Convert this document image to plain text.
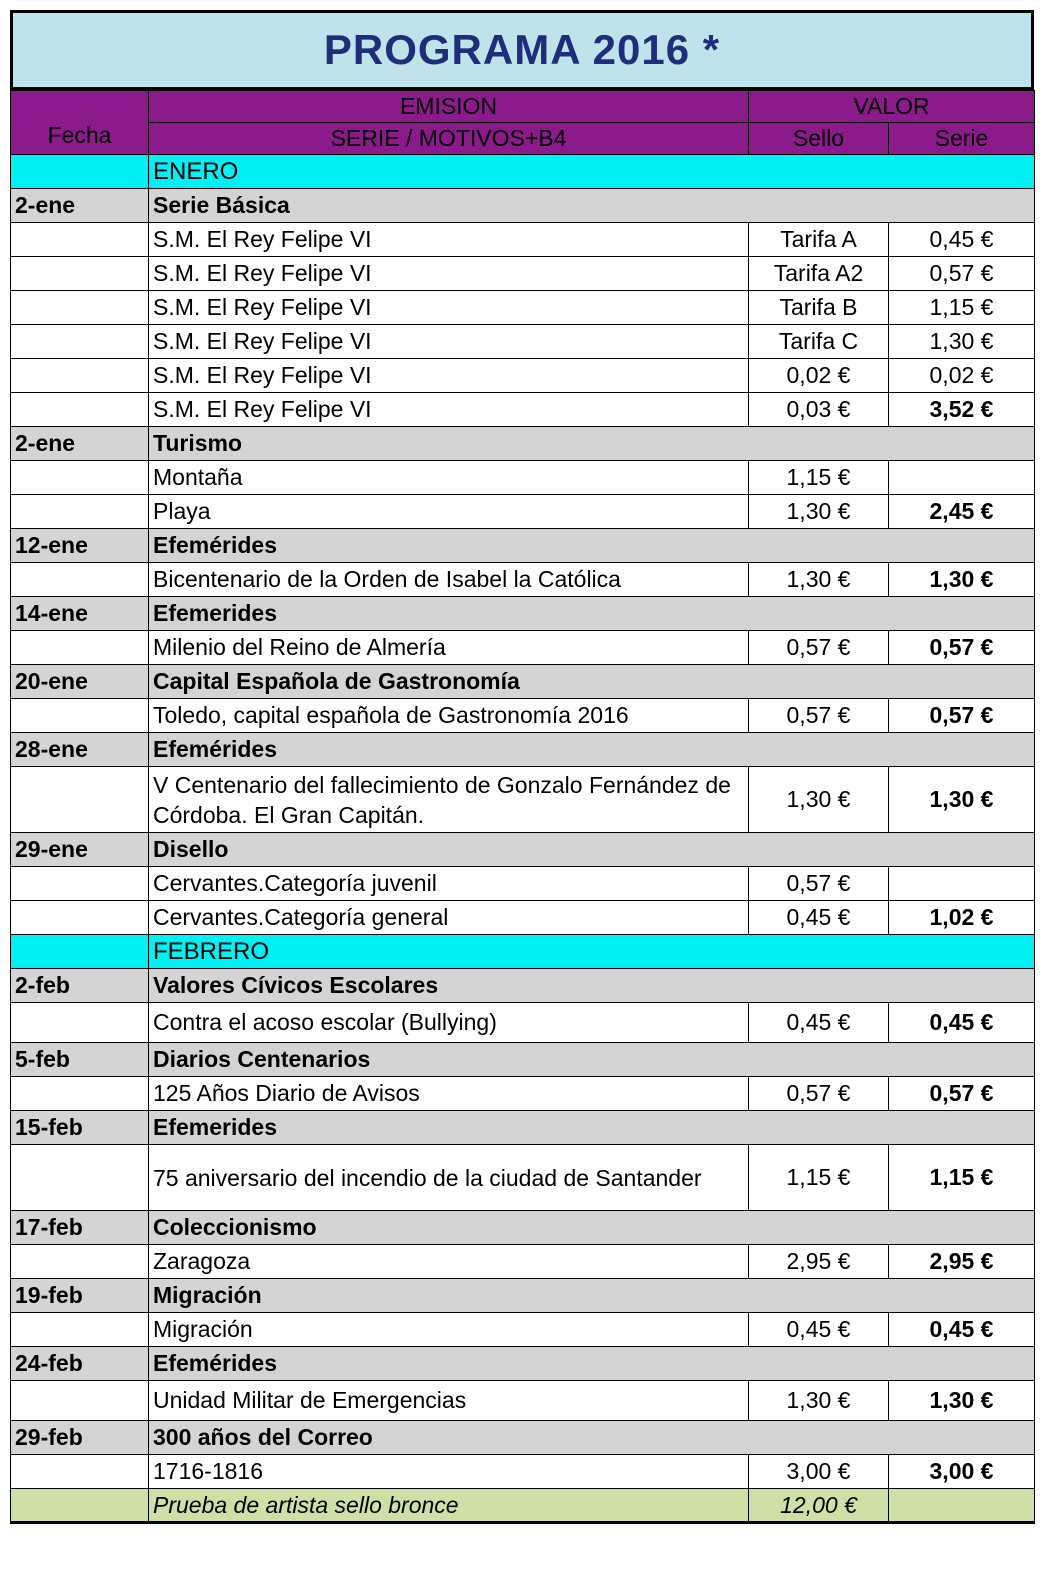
PROGRAMA 2016 *
Fecha	EMISION	VALOR	
	SERIE / MOTIVOS+B4	Sello	Serie
	ENERO		
2-ene	Serie Básica		
	S.M. El Rey Felipe VI	Tarifa A	0,45 €
	S.M. El Rey Felipe VI	Tarifa A2	0,57 €
	S.M. El Rey Felipe VI	Tarifa B	1,15 €
	S.M. El Rey Felipe VI	Tarifa C	1,30 €
	S.M. El Rey Felipe VI	0,02 €	0,02 €
	S.M. El Rey Felipe VI	0,03 €	3,52 €
2-ene	Turismo		
	Montaña	1,15 €	
	Playa	1,30 €	2,45 €
12-ene	Efemérides		
	Bicentenario de la Orden de Isabel la Católica	1,30 €	1,30 €
14-ene	Efemerides		
	Milenio del Reino de Almería	0,57 €	0,57 €
20-ene	Capital Española de Gastronomía		
	Toledo, capital española de Gastronomía 2016	0,57 €	0,57 €
28-ene	Efemérides		
	V Centenario del fallecimiento de Gonzalo Fernández de Córdoba. El Gran Capitán.	1,30 €	1,30 €
29-ene	Disello		
	Cervantes.Categoría juvenil	0,57 €	
	Cervantes.Categoría general	0,45 €	1,02 €
	FEBRERO		
2-feb	Valores Cívicos Escolares		
	Contra el acoso escolar (Bullying)	0,45 €	0,45 €
5-feb	Diarios Centenarios		
	125 Años Diario de Avisos	0,57 €	0,57 €
15-feb	Efemerides		
	75 aniversario del incendio de la ciudad de Santander	1,15 €	1,15 €
17-feb	Coleccionismo		
	Zaragoza	2,95 €	2,95 €
19-feb	Migración		
	Migración	0,45 €	0,45 €
24-feb	Efemérides		
	Unidad Militar de Emergencias	1,30 €	1,30 €
29-feb	300 años del Correo		
	1716-1816	3,00 €	3,00 €
	Prueba de artista sello bronce	12,00 €	
